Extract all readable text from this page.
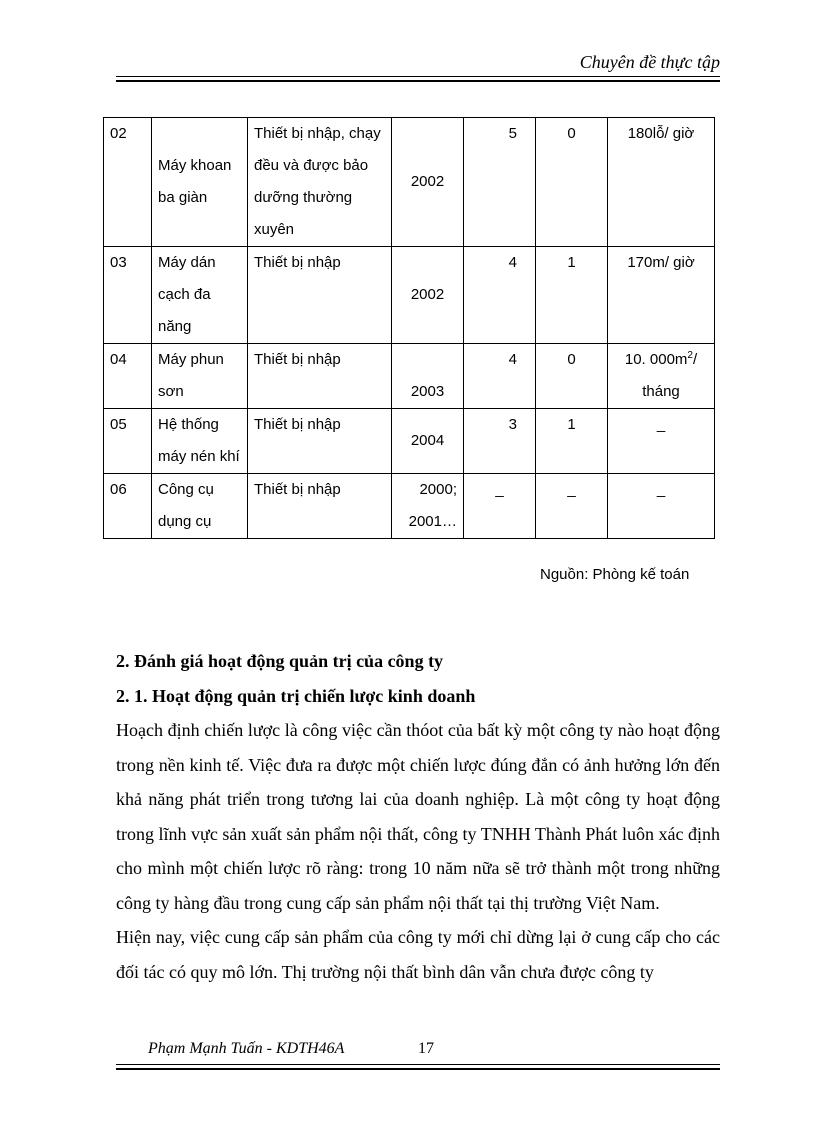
Chuyên đề thực tập
02	Máy khoan ba giàn	Thiết bị nhập, chạy đều và được bảo dưỡng thường xuyên	2002	5	0	180lỗ/ giờ
03	Máy dán cạch đa năng	Thiết bị nhập	2002	4	1	170m/ giờ
04	Máy phun sơn	Thiết bị nhập	2003	4	0	10. $000m^2/$ tháng
05	Hệ thống máy nén khí	Thiết bị nhập	2004	3	1	_
06	Công cụ dụng cụ	Thiết bị nhập	2000; 2001…	_	_	_
Nguồn: Phòng kế toán
2. Đánh giá hoạt động quản trị của công ty
2. 1. Hoạt động quản trị chiến lược kinh doanh

Hoạch định chiến lược là công việc cần thóot của bất kỳ một công ty nào hoạt động trong nền kinh tế. Việc đưa ra được một chiến lược đúng đắn có ảnh hưởng lớn đến khả năng phát triển trong tương lai của doanh nghiệp. Là một công ty hoạt động trong lĩnh vực sản xuất sản phẩm nội thất, công ty TNHH Thành Phát luôn xác định cho mình một chiến lược rõ ràng: trong 10 năm nữa sẽ trở thành một trong những công ty hàng đầu trong cung cấp sản phẩm nội thất tại thị trường Việt Nam.

Hiện nay, việc cung cấp sản phẩm của công ty mới chỉ dừng lại ở cung cấp cho các đối tác có quy mô lớn. Thị trường nội thất bình dân vẫn chưa được công ty

Phạm Mạnh Tuấn - KDTH46A	17
